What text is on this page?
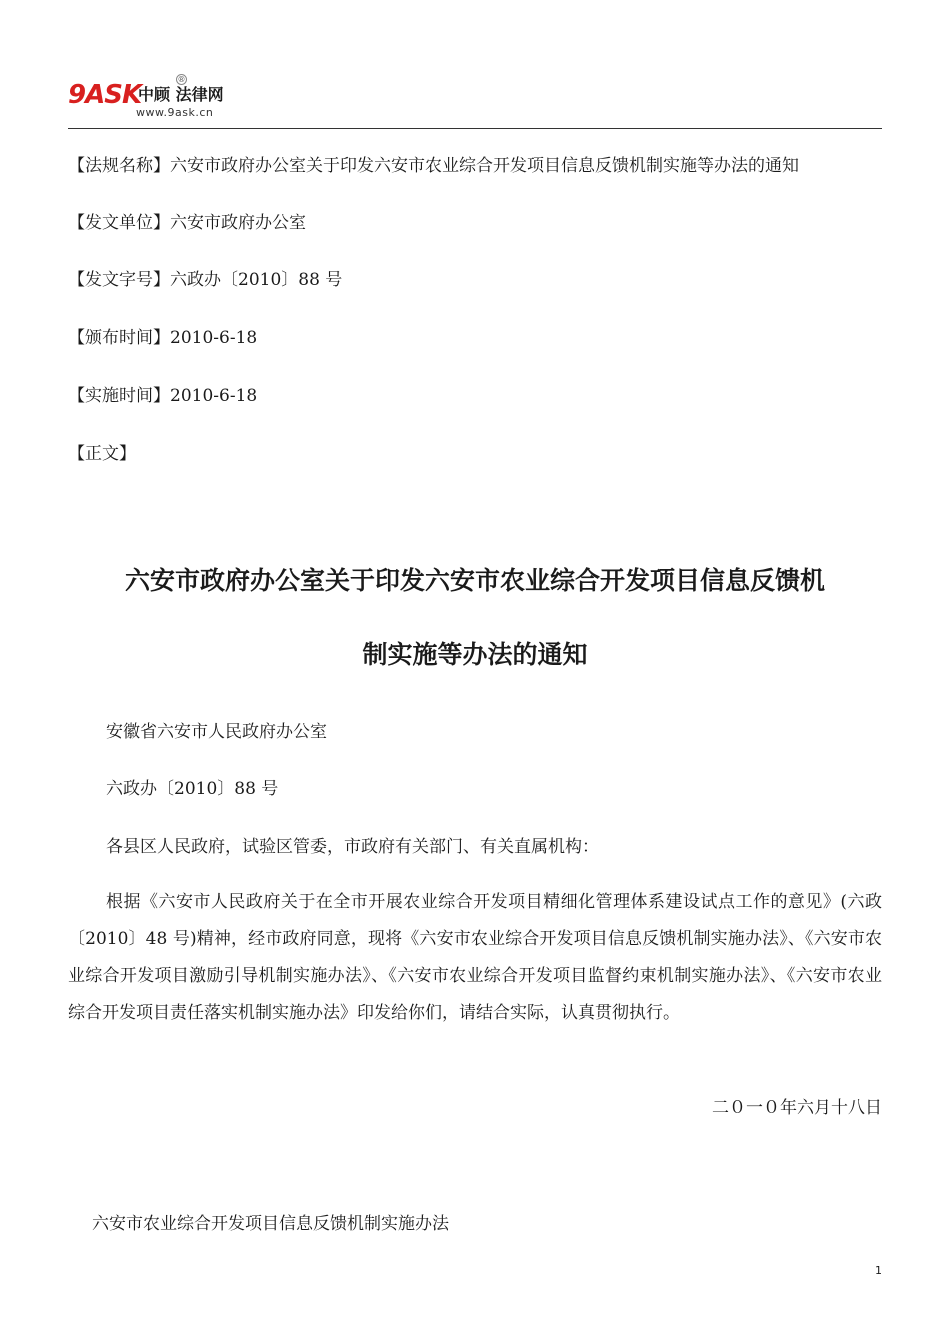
9ASK
中顾 法律网
®
www.9ask.cn
【法规名称】六安市政府办公室关于印发六安市农业综合开发项目信息反馈机制实施等办法的通知
【发文单位】六安市政府办公室
【发文字号】六政办〔2010〕88 号
【颁布时间】2010-6-18
【实施时间】2010-6-18
【正文】
六安市政府办公室关于印发六安市农业综合开发项目信息反馈机
制实施等办法的通知
安徽省六安市人民政府办公室
六政办〔2010〕88 号
各县区人民政府，试验区管委，市政府有关部门、有关直属机构：
根据《六安市人民政府关于在全市开展农业综合开发项目精细化管理体系建设试点工作的意见》(六政〔2010〕48 号)精神，经市政府同意，现将《六安市农业综合开发项目信息反馈机制实施办法》、《六安市农业综合开发项目激励引导机制实施办法》、《六安市农业综合开发项目监督约束机制实施办法》、《六安市农业综合开发项目责任落实机制实施办法》印发给你们，请结合实际，认真贯彻执行。
二０一０年六月十八日
六安市农业综合开发项目信息反馈机制实施办法
1
